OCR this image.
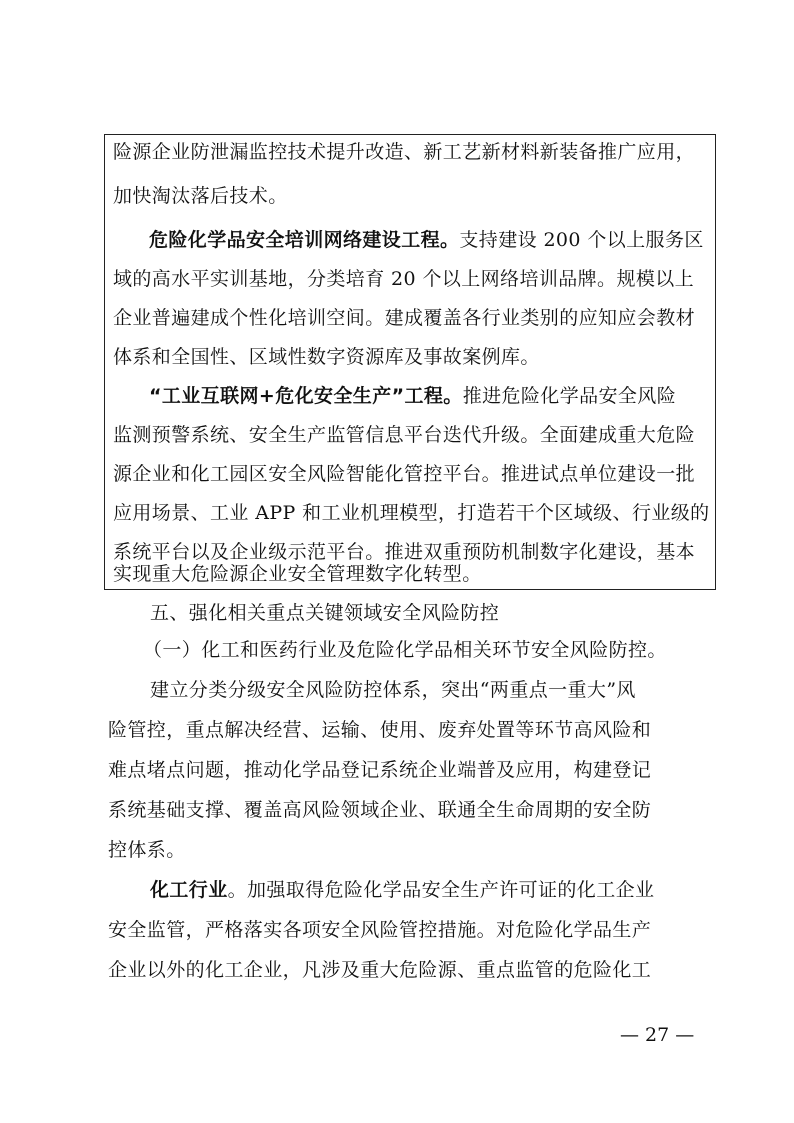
险源企业防泄漏监控技术提升改造、新工艺新材料新装备推广应用，
加快淘汰落后技术。
危险化学品安全培训网络建设工程。支持建设 200 个以上服务区
域的高水平实训基地，分类培育 20 个以上网络培训品牌。规模以上
企业普遍建成个性化培训空间。建成覆盖各行业类别的应知应会教材
体系和全国性、区域性数字资源库及事故案例库。
“工业互联网+危化安全生产”工程。推进危险化学品安全风险
监测预警系统、安全生产监管信息平台迭代升级。全面建成重大危险
源企业和化工园区安全风险智能化管控平台。推进试点单位建设一批
应用场景、工业 APP 和工业机理模型，打造若干个区域级、行业级的
系统平台以及企业级示范平台。推进双重预防机制数字化建设，基本
实现重大危险源企业安全管理数字化转型。
五、强化相关重点关键领域安全风险防控
（一）化工和医药行业及危险化学品相关环节安全风险防控。
建立分类分级安全风险防控体系，突出“两重点一重大”风
险管控，重点解决经营、运输、使用、废弃处置等环节高风险和
难点堵点问题，推动化学品登记系统企业端普及应用，构建登记
系统基础支撑、覆盖高风险领域企业、联通全生命周期的安全防
控体系。
化工行业。加强取得危险化学品安全生产许可证的化工企业
安全监管，严格落实各项安全风险管控措施。对危险化学品生产
企业以外的化工企业，凡涉及重大危险源、重点监管的危险化工
— 27 —
